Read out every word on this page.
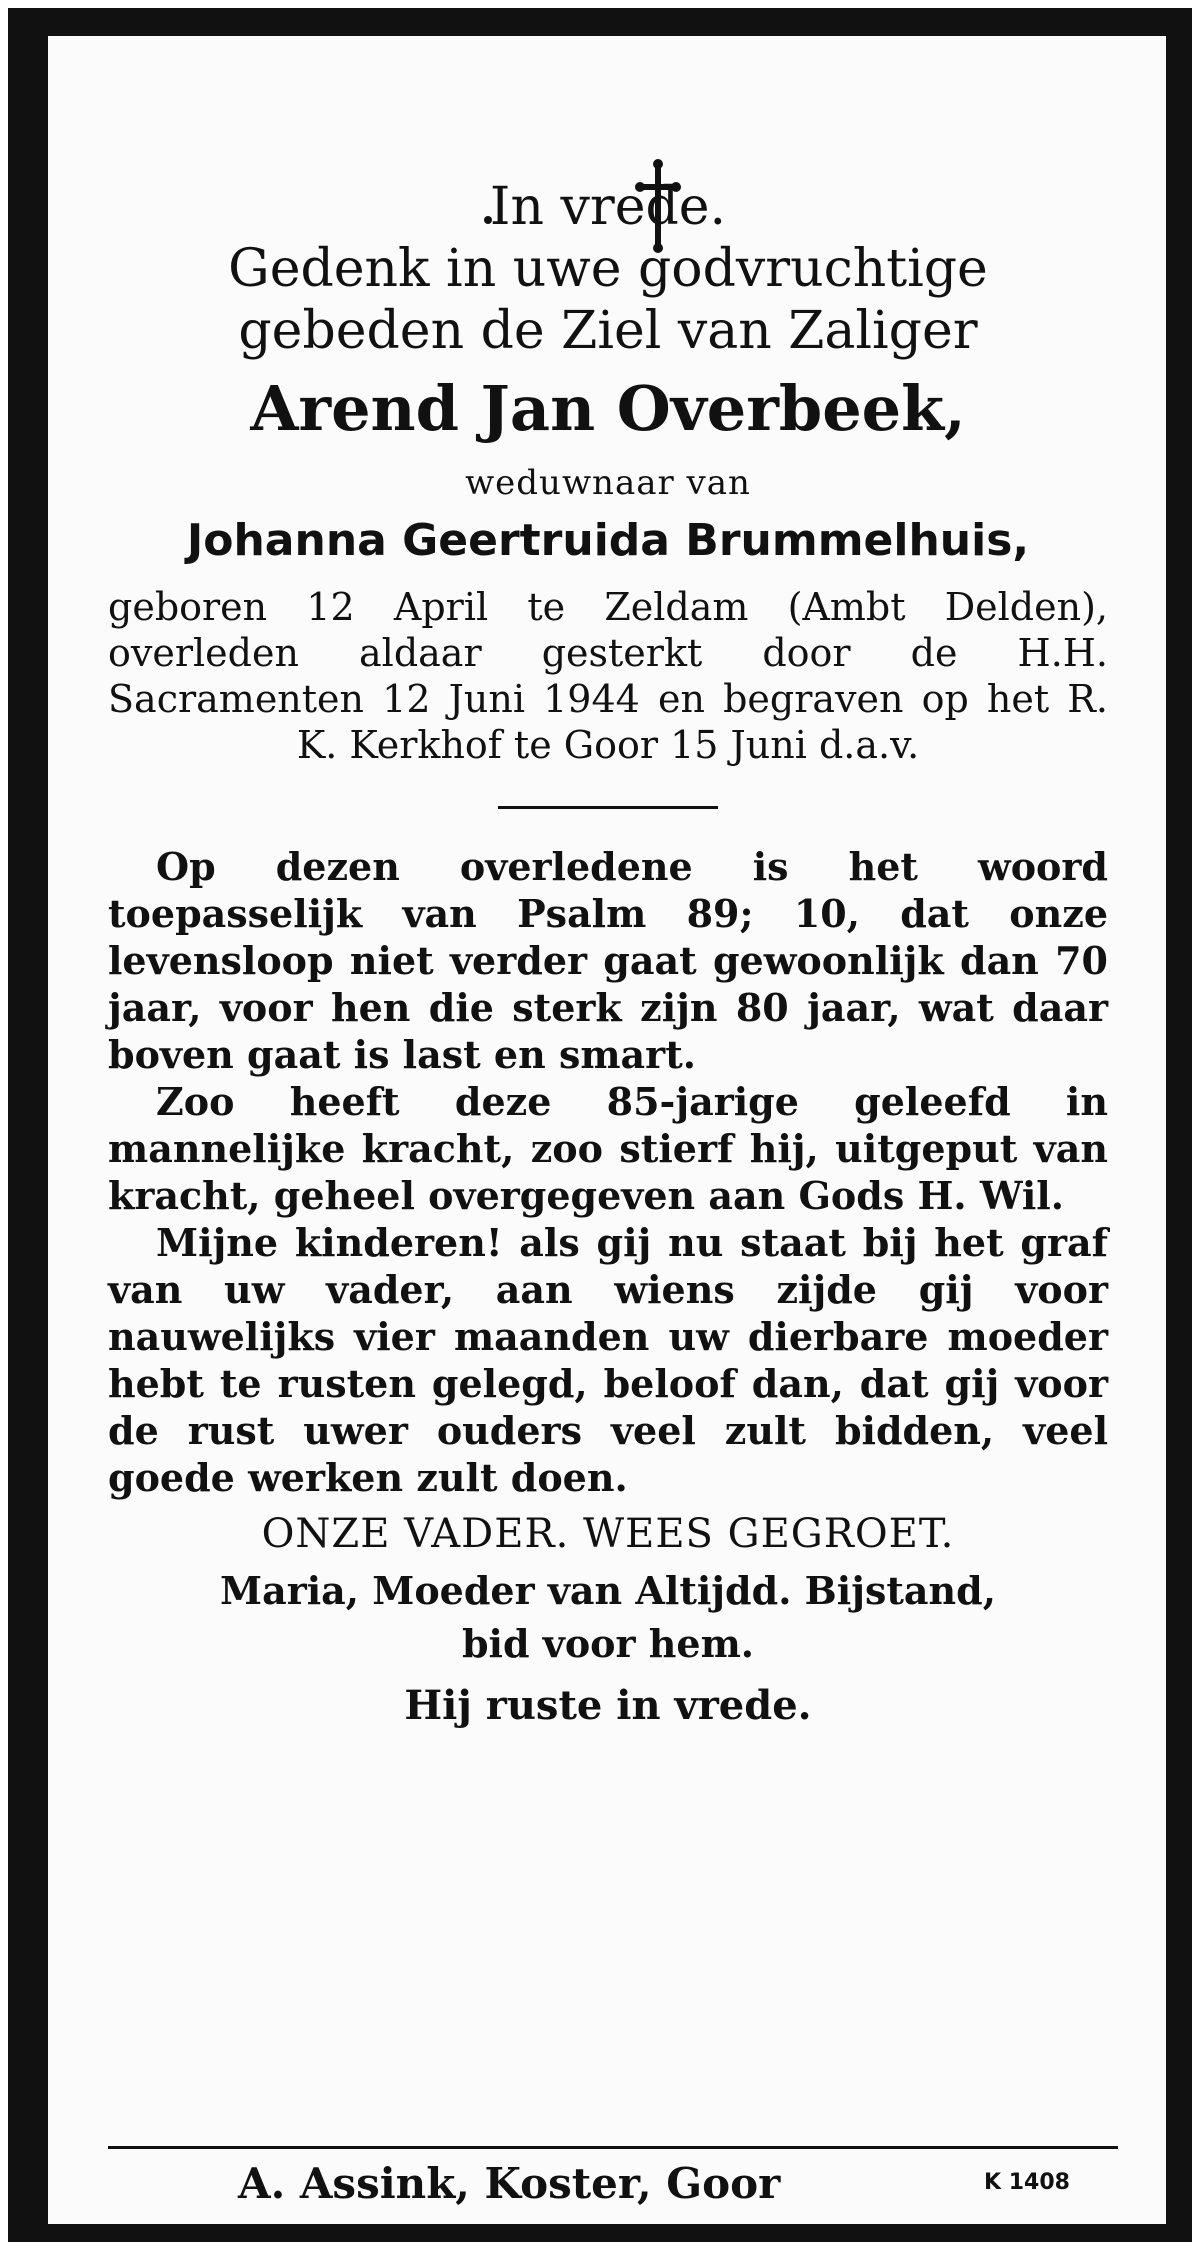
In vrede.

Gedenk in uwe godvruchtige

gebeden de Ziel van Zaliger

Arend Jan Overbeek,

weduwnaar van
Johanna Geertruida Brummelhuis,

geboren 12 April te Zeldam (Ambt Delden), overleden aldaar gesterkt door de H.H. Sacramenten 12 Juni 1944 en begraven op het R. K. Kerkhof te Goor 15 Juni d.a.v.

Op dezen overledene is het woord toepasselijk van Psalm 89; 10, dat onze levensloop niet verder gaat gewoonlijk dan 70 jaar, voor hen die sterk zijn 80 jaar, wat daar boven gaat is last en smart.

Zoo heeft deze 85-jarige geleefd in mannelijke kracht, zoo stierf hij, uitgeput van kracht, geheel overgegeven aan Gods H. Wil.

Mijne kinderen! als gij nu staat bij het graf van uw vader, aan wiens zijde gij voor nauwelijks vier maanden uw dierbare moeder hebt te rusten gelegd, beloof dan, dat gij voor de rust uwer ouders veel zult bidden, veel goede werken zult doen.

ONZE VADER. WEES GEGROET.
Maria, Moeder van Altijdd. Bijstand,
bid voor hem.
Hij ruste in vrede.
A. Assink, Koster, Goor	K 1408
